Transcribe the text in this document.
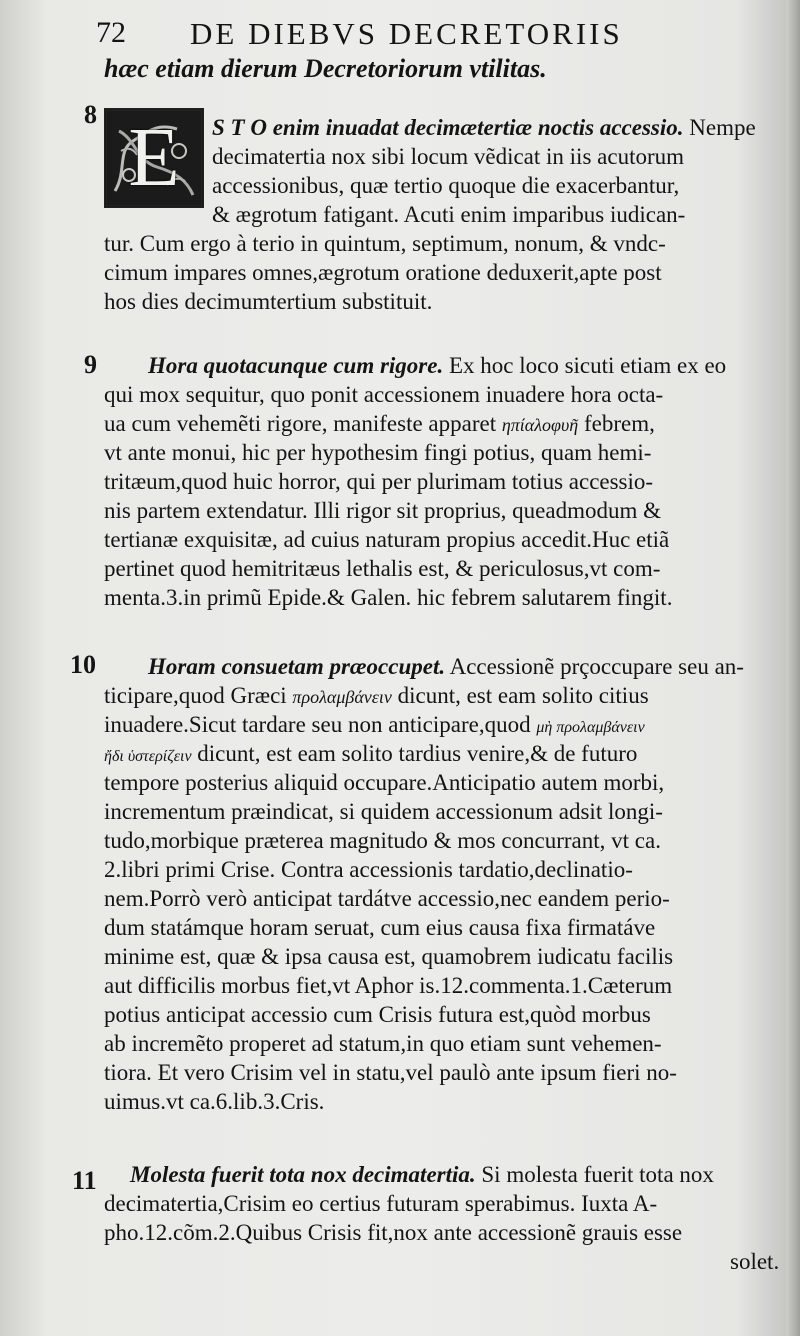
72 DE DIEBVS DECRETORIIS
hæc etiam dierum Decretoriorum vtilitas.
8 E S T O enim inuadat decimætertiæ noctis accessio. Nempe
decimatertia nox sibi locum vẽdicat in iis acutorum
accessionibus, quæ tertio quoque die exacerbantur,
& ægrotum fatigant. Acuti enim imparibus iudican-
tur. Cum ergo à terio in quintum, septimum, nonum, & vndc-
cimum impares omnes,ægrotum oratione deduxerit,apte post
hos dies decimumtertium substituit.
9 Hora quotacunque cum rigore. Ex hoc loco sicuti etiam ex eo
qui mox sequitur, quo ponit accessionem inuadere hora octa-
ua cum vehemẽti rigore, manifeste apparet ηπίαλοφυῆ febrem,
vt ante monui, hic per hypothesim fingi potius, quam hemi-
tritæum,quod huic horror, qui per plurimam totius accessio-
nis partem extendatur. Illi rigor sit proprius, queadmodum &
tertianæ exquisitæ, ad cuius naturam propius accedit.Huc etiã
pertinet quod hemitritæus lethalis est, & periculosus,vt com-
menta.3.in primũ Epide.& Galen. hic febrem salutarem fingit.
10 Horam consuetam præoccupet. Accessionẽ prçoccupare seu an-
ticipare,quod Græci προλαμβάνειν dicunt, est eam solito citius
inuadere.Sicut tardare seu non anticipare,quod μὴ προλαμβάνειν
ἤδι ὑστερίζειν dicunt, est eam solito tardius venire,& de futuro
tempore posterius aliquid occupare.Anticipatio autem morbi,
incrementum præindicat, si quidem accessionum adsit longi-
tudo,morbique præterea magnitudo & mos concurrant, vt ca.
2.libri primi Crise. Contra accessionis tardatio,declinatio-
nem.Porrò verò anticipat tardátve accessio,nec eandem perio-
dum statámque horam seruat, cum eius causa fixa firmatáve
minime est, quæ & ipsa causa est, quamobrem iudicatu facilis
aut difficilis morbus fiet,vt Aphor is.12.commenta.1.Cæterum
potius anticipat accessio cum Crisis futura est,quòd morbus
ab incremẽto properet ad statum,in quo etiam sunt vehemen-
tiora. Et vero Crisim vel in statu,vel paulò ante ipsum fieri no-
uimus.vt ca.6.lib.3.Cris.
11 Molesta fuerit tota nox decimatertia. Si molesta fuerit tota nox
decimatertia,Crisim eo certius futuram sperabimus. Iuxta A-
pho.12.cõm.2.Quibus Crisis fit,nox ante accessionẽ grauis esse
solet.
